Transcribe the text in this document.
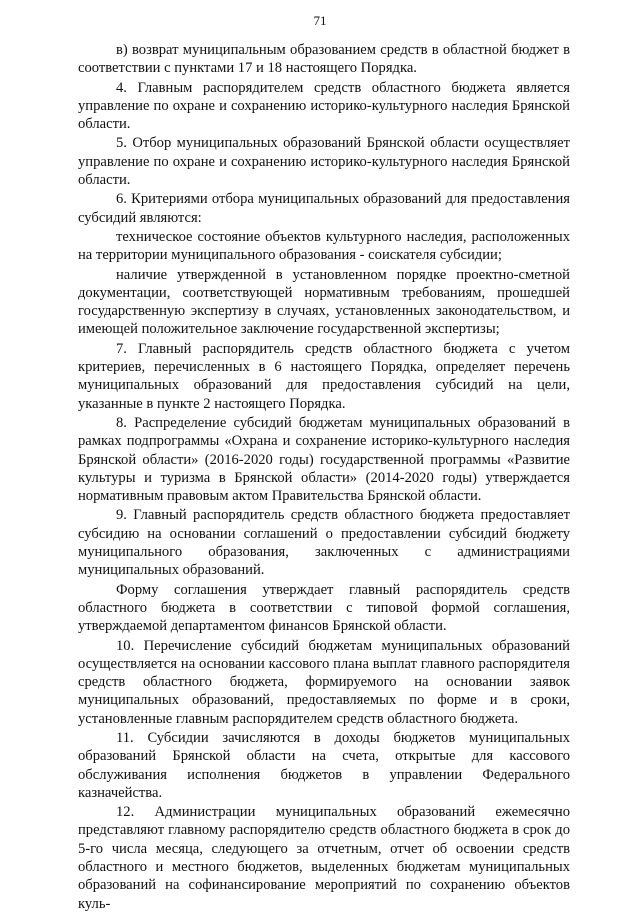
71

в) возврат муниципальным образованием средств в областной бюджет в соответствии с пунктами 17 и 18 настоящего Порядка.

4. Главным распорядителем средств областного бюджета является управление по охране и сохранению историко-культурного наследия Брянской области.

5. Отбор муниципальных образований Брянской области осуществляет управление по охране и сохранению историко-культурного наследия Брянской области.

6. Критериями отбора муниципальных образований для предоставления субсидий являются:

техническое состояние объектов культурного наследия, расположенных на территории муниципального образования - соискателя субсидии;

наличие утвержденной в установленном порядке проектно-сметной документации, соответствующей нормативным требованиям, прошедшей государственную экспертизу в случаях, установленных законодательством, и имеющей положительное заключение государственной экспертизы;

7. Главный распорядитель средств областного бюджета с учетом критериев, перечисленных в 6 настоящего Порядка, определяет перечень муниципальных образований для предоставления субсидий на цели, указанные в пункте 2 настоящего Порядка.

8. Распределение субсидий бюджетам муниципальных образований в рамках подпрограммы «Охрана и сохранение историко-культурного наследия Брянской области» (2016-2020 годы) государственной программы «Развитие культуры и туризма в Брянской области» (2014-2020 годы) утверждается нормативным правовым актом Правительства Брянской области.

9. Главный распорядитель средств областного бюджета предоставляет субсидию на основании соглашений о предоставлении субсидий бюджету муниципального образования, заключенных с администрациями муниципальных образований.

Форму соглашения утверждает главный распорядитель средств областного бюджета в соответствии с типовой формой соглашения, утверждаемой департаментом финансов Брянской области.

10. Перечисление субсидий бюджетам муниципальных образований осуществляется на основании кассового плана выплат главного распорядителя средств областного бюджета, формируемого на основании заявок муниципальных образований, предоставляемых по форме и в сроки, установленные главным распорядителем средств областного бюджета.

11. Субсидии зачисляются в доходы бюджетов муниципальных образований Брянской области на счета, открытые для кассового обслуживания исполнения бюджетов в управлении Федерального казначейства.

12. Администрации муниципальных образований ежемесячно представляют главному распорядителю средств областного бюджета в срок до 5-го числа месяца, следующего за отчетным, отчет об освоении средств областного и местного бюджетов, выделенных бюджетам муниципальных образований на софинансирование мероприятий по сохранению объектов куль-
